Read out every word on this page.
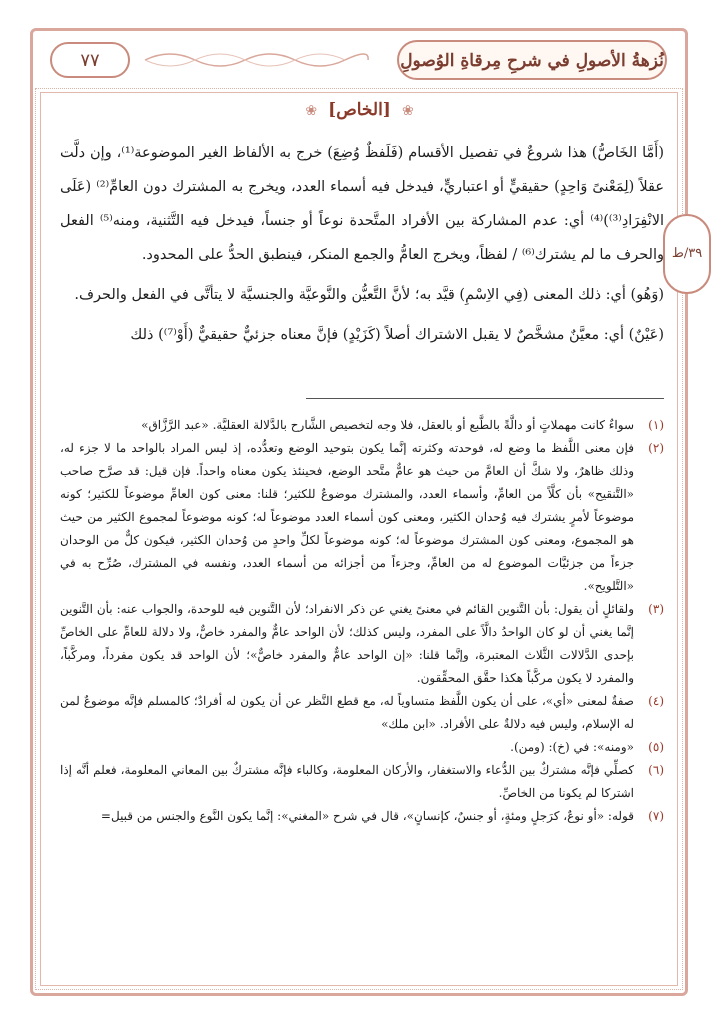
٧٧	نُزهةُ الأصولِ في شرحِ مِرقاةِ الوُصولِ
٣٩/ط
❀ [الخاص] ❀

(أَمَّا الخَاصُّ) هذا شروعٌ في تفصيل الأقسام (فَلَفظٌ وُضِعَ) خرج به الألفاظ الغير الموضوعة⁽¹⁾، وإن دلَّت عقلاً (لِمَعْنىً وَاحِدٍ) حقيقيٍّ أو اعتباريٍّ، فيدخل فيه أسماء العدد، ويخرج به المشترك دون العامِّ⁽²⁾ (عَلَى الانْفِرَادِ⁽³⁾)⁽⁴⁾ أي: عدم المشاركة بين الأفراد المتَّحدة نوعاً أو جنساً، فيدخل فيه التَّثنية، ومنه⁽⁵⁾ الفعل والحرف ما لم يشترك⁽⁶⁾ / لفظاً، ويخرج العامُّ والجمع المنكر، فينطبق الحدُّ على المحدود.

(وَهُو) أي: ذلك المعنى (فِي الاِسْمِ) قيَّد به؛ لأنَّ التَّعيُّن والنَّوعيَّة والجنسيَّة لا يتأتَّى في الفعل والحرف.

(عَيْنٌ) أي: معيَّنٌ مشخَّصٌ لا يقبل الاشتراك أصلاً (كَزَيْدٍ) فإنَّ معناه جزئيٌّ حقيقيٌّ (أَوْ⁽⁷⁾) ذلك

(١)
سواءٌ كانت مهملاتٍ أو دالَّةً بالطَّبع أو بالعقل، فلا وجه لتخصيص الشَّارح بالدَّلالة العقليَّة. «عبد الرَّزَّاق»
(٢)
فإن معنى اللَّفظ ما وضع له، فوحدته وكثرته إنَّما يكون بتوحيد الوضع وتعدُّده، إذ ليس المراد بالواحد ما لا جزء له، وذلك ظاهرٌ، ولا شكَّ أن العامَّ من حيث هو عامٌّ متَّحد الوضع، فحينئذ يكون معناه واحداً. فإن قيل: قد صرَّح صاحب «التَّنقيح» بأن كلَّاً من العامِّ، وأسماء العدد، والمشترك موضوعٌ للكثير؛ قلنا: معنى كون العامِّ موضوعاً للكثير؛ كونه موضوعاً لأمرٍ يشترك فيه وُحدان الكثير، ومعنى كون أسماء العدد موضوعاً له؛ كونه موضوعاً لمجموع الكثير من حيث هو المجموع، ومعنى كون المشترك موضوعاً له؛ كونه موضوعاً لكلِّ واحدٍ من وُحدان الكثير، فيكون كلٌّ من الوحدان جزءاً من جزئيَّات الموضوع له من العامِّ، وجزءاً من أجزائه من أسماء العدد، ونفسه في المشترك، صُرِّح به في «التَّلويح».
(٣)
ولقائلٍ أن يقول: بأن التَّنوين القائم في معنىً يغني عن ذكر الانفراد؛ لأن التَّنوين فيه للوحدة، والجواب عنه: بأن التَّنوين إنَّما يغني أن لو كان الواحدُ دالَّاً على المفرد، وليس كذلك؛ لأن الواحد عامٌّ والمفرد خاصٌّ، ولا دلالة للعامِّ على الخاصِّ بإحدى الدَّلالات الثَّلاث المعتبرة، وإنَّما قلنا: «إن الواحد عامٌّ والمفرد خاصٌّ»؛ لأن الواحد قد يكون مفرداً، ومركَّباً، والمفرد لا يكون مركَّباً هكذا حقَّق المحقِّقون.
(٤)
صفةٌ لمعنى «أي»، على أن يكون اللَّفظ متساوياً له، مع قطع النَّظر عن أن يكون له أفرادٌ؛ كالمسلم فإنَّه موضوعٌ لمن له الإسلام، وليس فيه دلالةٌ على الأفراد. «ابن ملك»
(٥)
«ومنه»: في (خ): (ومن).
(٦)
كصلِّي فإنَّه مشتركٌ بين الدُّعاء والاستغفار، والأركان المعلومة، وكالباء فإنَّه مشتركٌ بين المعاني المعلومة، فعلم أنَّه إذا اشتركا لم يكونا من الخاصِّ.
(٧)
قوله: «أو نوعٌ، كرَجلٍ ومئةٍ، أو جنسٌ، كإنسانٍ»، قال في شرح «المغني»: إنَّما يكون النَّوع والجنس من قبيل=
